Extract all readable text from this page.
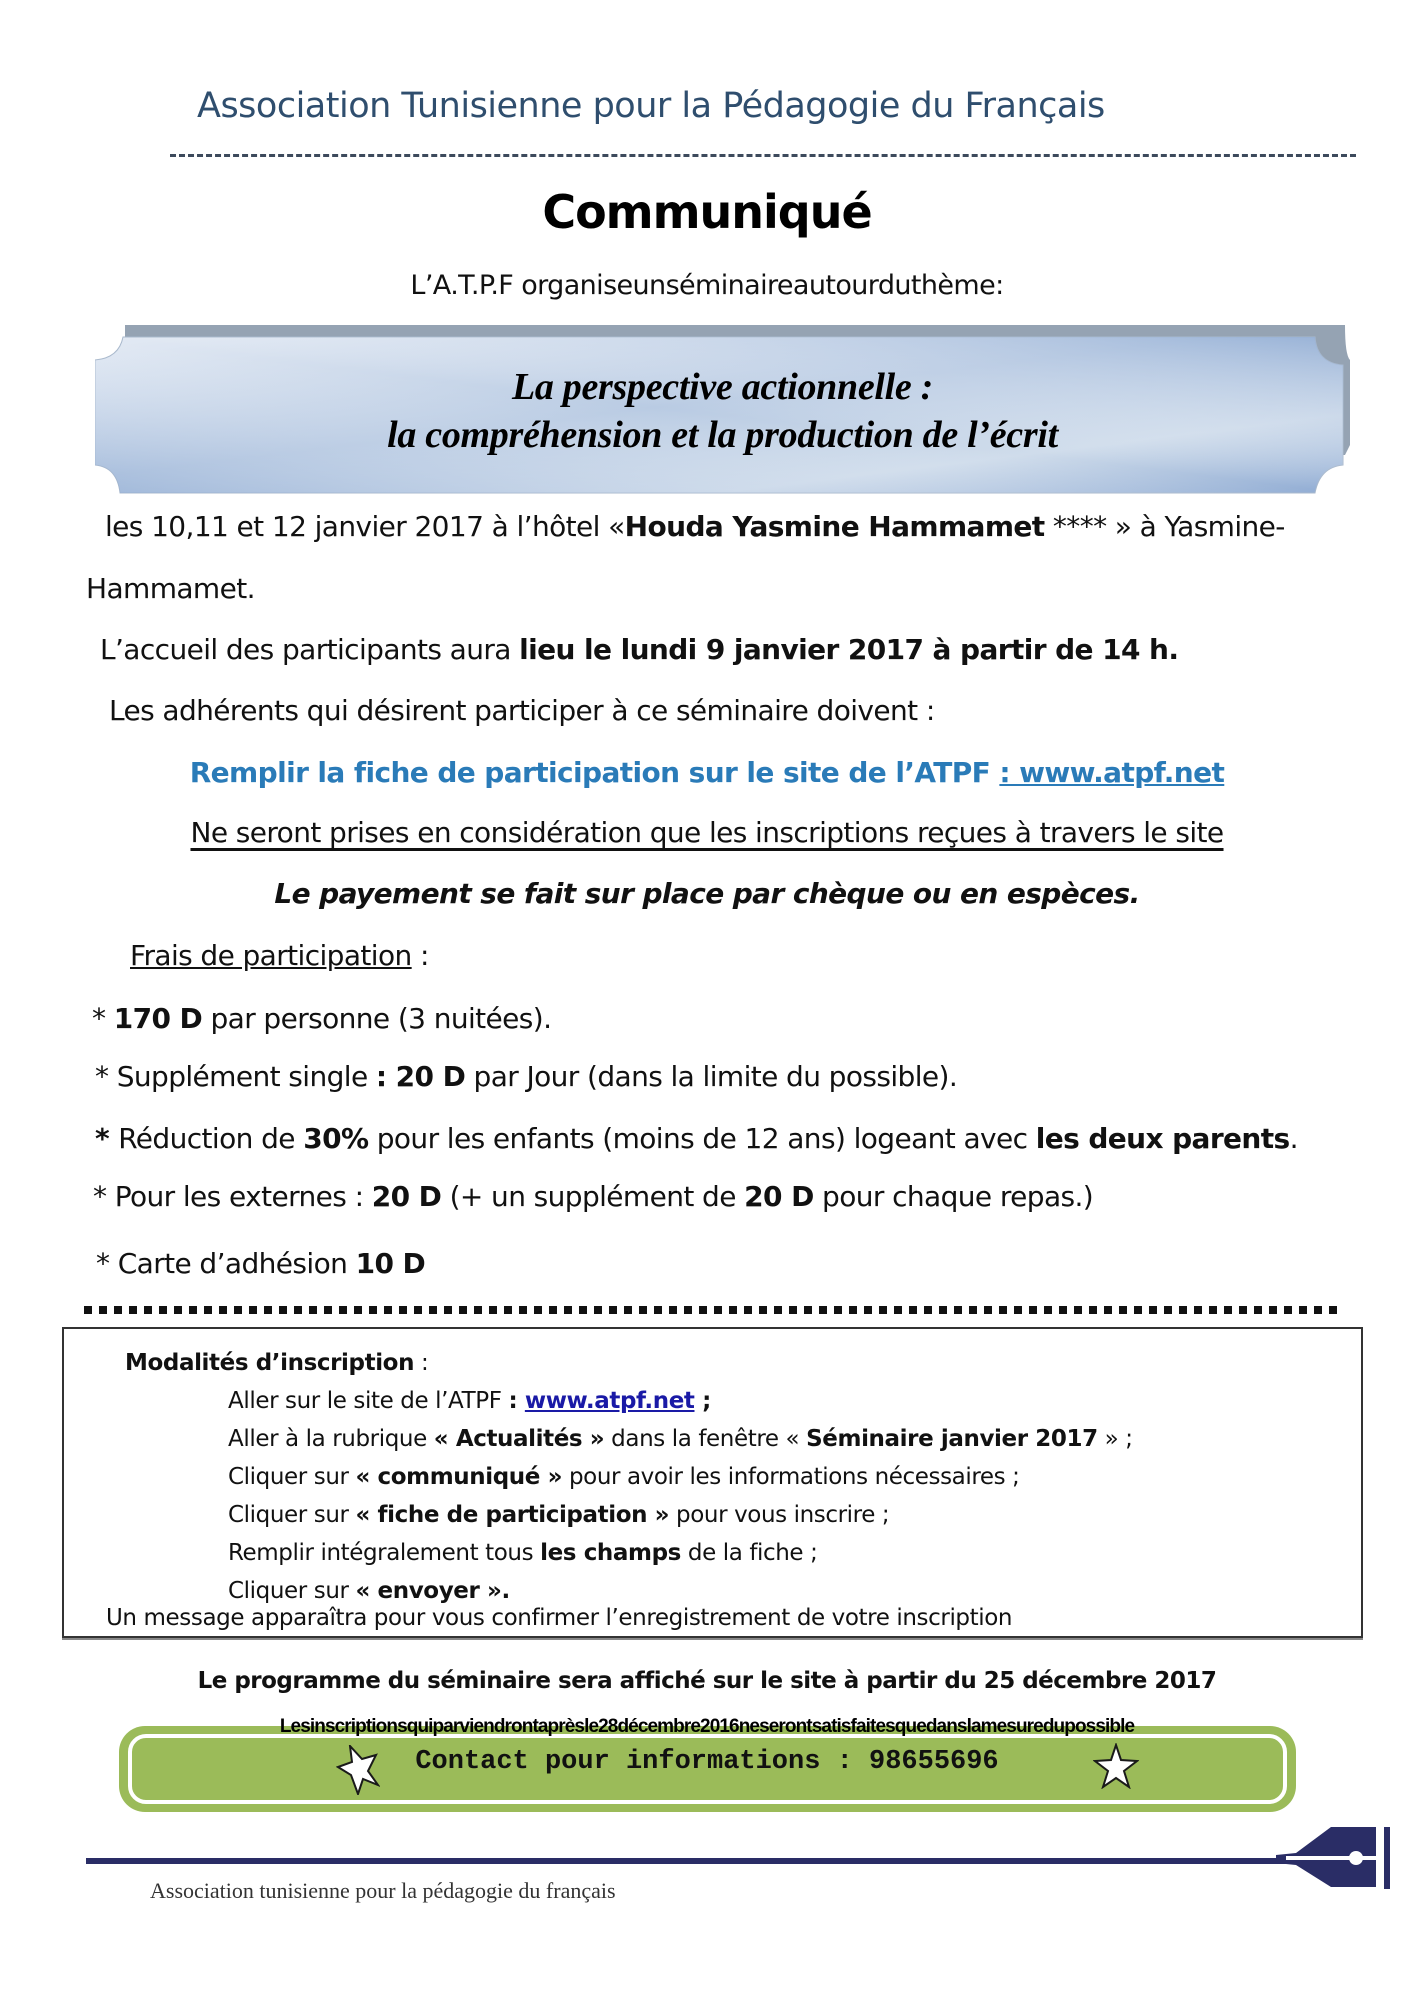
Association Tunisienne pour la Pédagogie du Français
Communiqué
L’A.T.P.F organiseunséminaireautourduthème:
La perspective actionnelle :
la compréhension et la production de l’écrit
les 10,11 et 12 janvier 2017 à l’hôtel «Houda Yasmine Hammamet **** » à Yasmine-
Hammamet.
L’accueil des participants aura lieu le lundi 9 janvier 2017 à partir de 14 h.
Les adhérents qui désirent participer à ce séminaire doivent :
Remplir la fiche de participation sur le site de l’ATPF : www.atpf.net
Ne seront prises en considération que les inscriptions reçues à travers le site
Le payement se fait sur place par chèque ou en espèces.
Frais de participation :
* 170 D par personne (3 nuitées).
* Supplément single : 20 D par Jour (dans la limite du possible).
* Réduction de 30% pour les enfants (moins de 12 ans) logeant avec les deux parents.
* Pour les externes : 20 D (+ un supplément de 20 D pour chaque repas.)
* Carte d’adhésion 10 D
Modalités d’inscription :
Aller sur le site de l’ATPF : www.atpf.net ;
Aller à la rubrique « Actualités » dans la fenêtre « Séminaire janvier 2017 » ;
Cliquer sur « communiqué » pour avoir les informations nécessaires ;
Cliquer sur « fiche de participation » pour vous inscrire ;
Remplir intégralement tous les champs de la fiche ;
Cliquer sur « envoyer ».
Un message apparaîtra pour vous confirmer l’enregistrement de votre inscription
Le programme du séminaire sera affiché sur le site à partir du 25 décembre 2017
Lesinscriptionsquiparviendrontaprèsle28décembre2016neserontsatisfaitesquedanslamesuredupossible
Contact pour informations : 98655696
Association tunisienne pour la pédagogie du français
